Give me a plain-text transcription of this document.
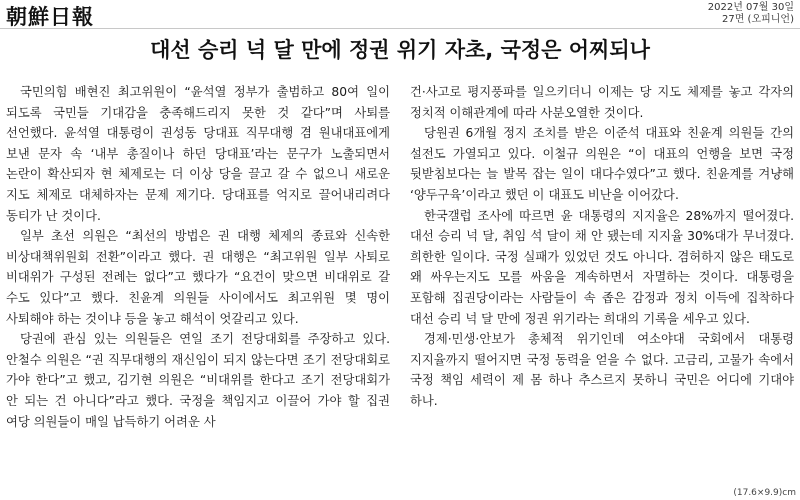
朝鮮日報	2022년 07월 30일
27면 (오피니언)
대선 승리 넉 달 만에 정권 위기 자초, 국정은 어찌되나

국민의힘 배현진 최고위원이 “윤석열 정부가 출범하고 80여 일이 되도록 국민들 기대감을 충족해드리지 못한 것 같다”며 사퇴를 선언했다. 윤석열 대통령이 권성동 당대표 직무대행 겸 원내대표에게 보낸 문자 속 ‘내부 총질이나 하던 당대표’라는 문구가 노출되면서 논란이 확산되자 현 체제로는 더 이상 당을 끌고 갈 수 없으니 새로운 지도 체제로 대체하자는 문제 제기다. 당대표를 억지로 끌어내리려다 동티가 난 것이다.

일부 초선 의원은 “최선의 방법은 권 대행 체제의 종료와 신속한 비상대책위원회 전환”이라고 했다. 권 대행은 “최고위원 일부 사퇴로 비대위가 구성된 전례는 없다”고 했다가 “요건이 맞으면 비대위로 갈 수도 있다”고 했다. 친윤계 의원들 사이에서도 최고위원 몇 명이 사퇴해야 하는 것이냐 등을 놓고 해석이 엇갈리고 있다.

당권에 관심 있는 의원들은 연일 조기 전당대회를 주장하고 있다. 안철수 의원은 “권 직무대행의 재신임이 되지 않는다면 조기 전당대회로 가야 한다”고 했고, 김기현 의원은 “비대위를 한다고 조기 전당대회가 안 되는 건 아니다”라고 했다. 국정을 책임지고 이끌어 가야 할 집권 여당 의원들이 매일 납득하기 어려운 사

건·사고로 평지풍파를 일으키더니 이제는 당 지도 체제를 놓고 각자의 정치적 이해관계에 따라 사분오열한 것이다.

당원권 6개월 정지 조치를 받은 이준석 대표와 친윤계 의원들 간의 설전도 가열되고 있다. 이철규 의원은 “이 대표의 언행을 보면 국정 뒷받침보다는 늘 발목 잡는 일이 대다수였다”고 했다. 친윤계를 겨냥해 ‘양두구육’이라고 했던 이 대표도 비난을 이어갔다.

한국갤럽 조사에 따르면 윤 대통령의 지지율은 28%까지 떨어졌다. 대선 승리 넉 달, 취임 석 달이 채 안 됐는데 지지율 30%대가 무너졌다. 희한한 일이다. 국정 실패가 있었던 것도 아니다. 겸허하지 않은 태도로 왜 싸우는지도 모를 싸움을 계속하면서 자멸하는 것이다. 대통령을 포함해 집권당이라는 사람들이 속 좁은 감정과 정치 이득에 집착하다 대선 승리 넉 달 만에 정권 위기라는 희대의 기록을 세우고 있다.

경제·민생·안보가 총체적 위기인데 여소야대 국회에서 대통령 지지율까지 떨어지면 국정 동력을 얻을 수 없다. 고금리, 고물가 속에서 국정 책임 세력이 제 몸 하나 추스르지 못하니 국민은 어디에 기대야 하나.

(17.6×9.9)cm
